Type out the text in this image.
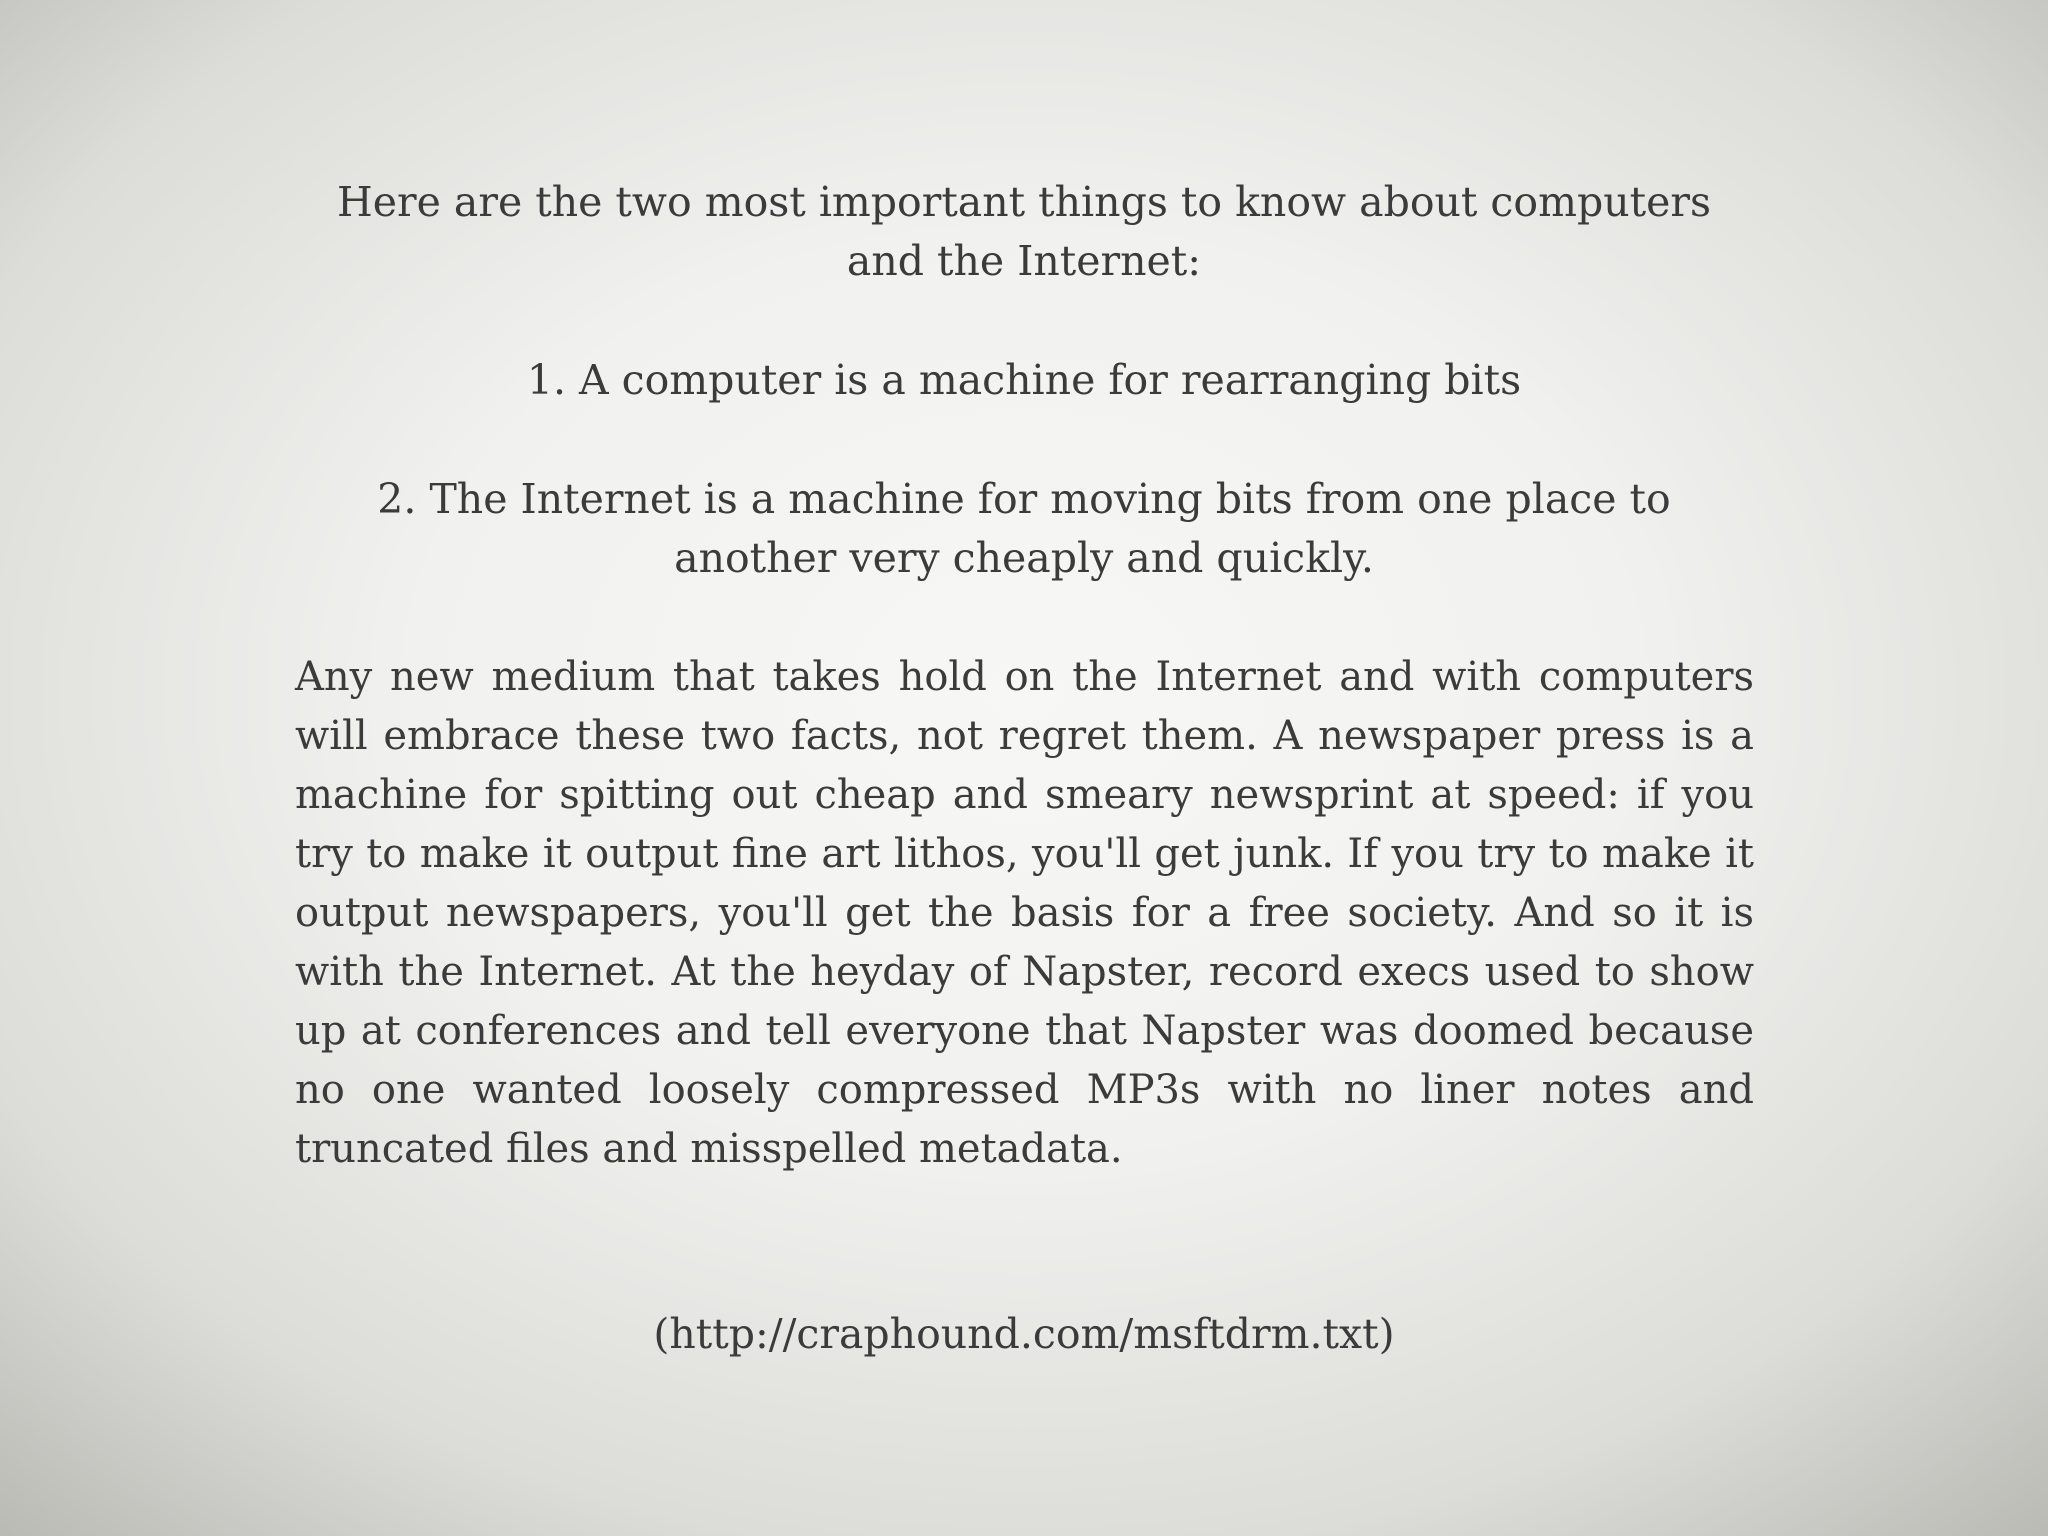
Here are the two most important things to know about computers
and the Internet:
1. A computer is a machine for rearranging bits
2. The Internet is a machine for moving bits from one place to
another very cheaply and quickly.
Any new medium that takes hold on the Internet and with computers will embrace these two facts, not regret them. A newspaper press is a machine for spitting out cheap and smeary newsprint at speed: if you try to make it output fine art lithos, you'll get junk. If you try to make it output newspapers, you'll get the basis for a free society. And so it is with the Internet. At the heyday of Napster, record execs used to show up at conferences and tell everyone that Napster was doomed because no one wanted loosely compressed MP3s with no liner notes and truncated files and misspelled metadata.
(http://craphound.com/msftdrm.txt)
